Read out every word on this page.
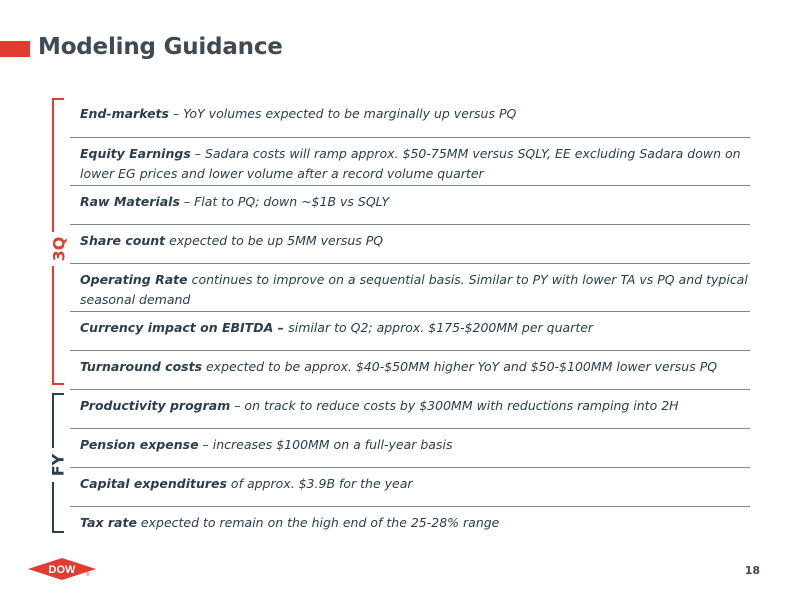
Modeling Guidance
3Q
FY
End-markets – YoY volumes expected to be marginally up versus PQ
Equity Earnings – Sadara costs will ramp approx. $50-75MM versus SQLY, EE excluding Sadara down on lower EG prices and lower volume after a record volume quarter
Raw Materials – Flat to PQ; down ~$1B vs SQLY
Share count expected to be up 5MM versus PQ
Operating Rate continues to improve on a sequential basis. Similar to PY with lower TA vs PQ and typical seasonal demand
Currency impact on EBITDA – similar to Q2; approx. $175-$200MM per quarter
Turnaround costs expected to be approx. $40-$50MM higher YoY and $50-$100MM lower versus PQ
Productivity program – on track to reduce costs by $300MM with reductions ramping into 2H
Pension expense – increases $100MM on a full-year basis
Capital expenditures of approx. $3.9B for the year
Tax rate expected to remain on the high end of the 25-28% range
DOW ®	18
